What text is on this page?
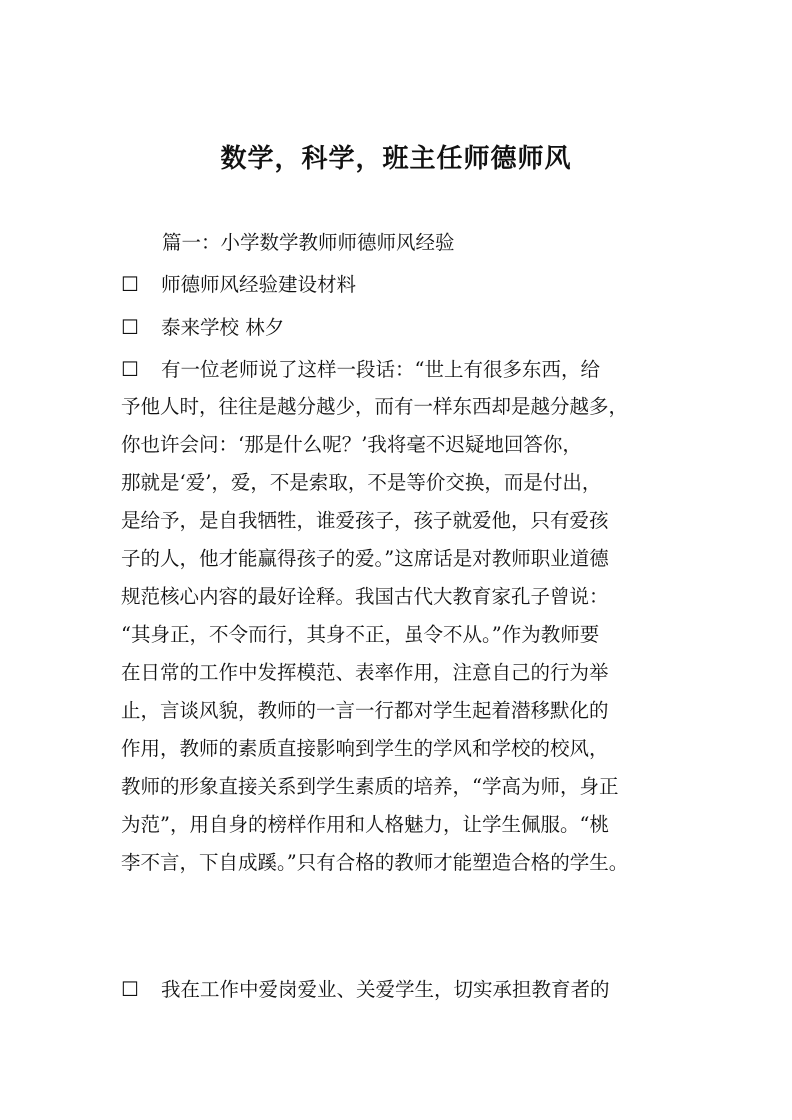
数学，科学，班主任师德师风
篇一：小学数学教师师德师风经验
☐ 师德师风经验建设材料
☐ 泰来学校 林夕
☐ 有一位老师说了这样一段话：“世上有很多东西，给
予他人时，往往是越分越少，而有一样东西却是越分越多，
你也许会问：‘那是什么呢？’我将毫不迟疑地回答你，
那就是‘爱’，爱，不是索取，不是等价交换，而是付出，
是给予，是自我牺牲，谁爱孩子，孩子就爱他，只有爱孩
子的人，他才能赢得孩子的爱。”这席话是对教师职业道德
规范核心内容的最好诠释。我国古代大教育家孔子曾说：
“其身正，不令而行，其身不正，虽令不从。”作为教师要
在日常的工作中发挥模范、表率作用，注意自己的行为举
止，言谈风貌，教师的一言一行都对学生起着潜移默化的
作用，教师的素质直接影响到学生的学风和学校的校风，
教师的形象直接关系到学生素质的培养，“学高为师，身正
为范”，用自身的榜样作用和人格魅力，让学生佩服。“桃
李不言，下自成蹊。”只有合格的教师才能塑造合格的学生。
☐ 我在工作中爱岗爱业、关爱学生，切实承担教育者的
